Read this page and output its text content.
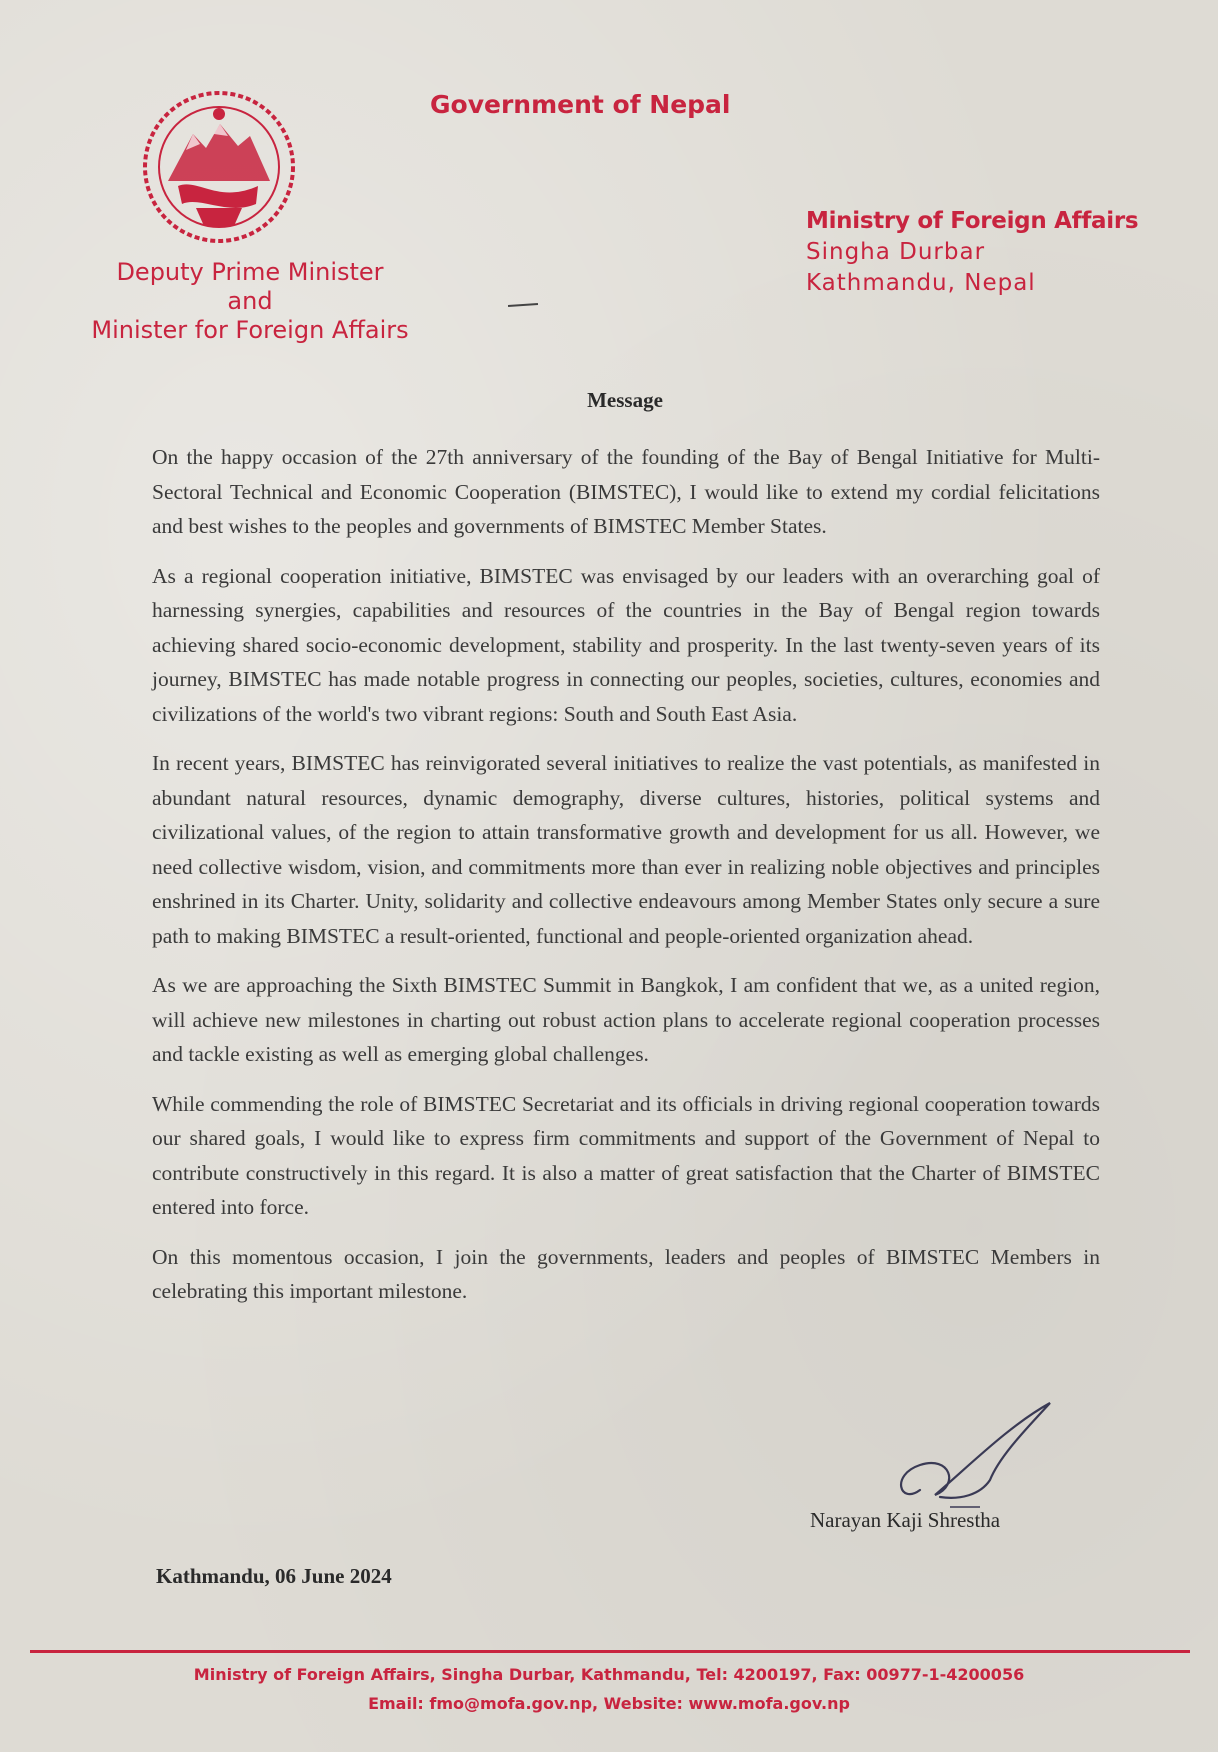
Government of Nepal
Deputy Prime Minister
and
Minister for Foreign Affairs
Ministry of Foreign Affairs
Singha Durbar
Kathmandu, Nepal
Message

On the happy occasion of the 27th anniversary of the founding of the Bay of Bengal Initiative for Multi-Sectoral Technical and Economic Cooperation (BIMSTEC), I would like to extend my cordial felicitations and best wishes to the peoples and governments of BIMSTEC Member States.

As a regional cooperation initiative, BIMSTEC was envisaged by our leaders with an overarching goal of harnessing synergies, capabilities and resources of the countries in the Bay of Bengal region towards achieving shared socio-economic development, stability and prosperity. In the last twenty-seven years of its journey, BIMSTEC has made notable progress in connecting our peoples, societies, cultures, economies and civilizations of the world's two vibrant regions: South and South East Asia.

In recent years, BIMSTEC has reinvigorated several initiatives to realize the vast potentials, as manifested in abundant natural resources, dynamic demography, diverse cultures, histories, political systems and civilizational values, of the region to attain transformative growth and development for us all. However, we need collective wisdom, vision, and commitments more than ever in realizing noble objectives and principles enshrined in its Charter. Unity, solidarity and collective endeavours among Member States only secure a sure path to making BIMSTEC a result-oriented, functional and people-oriented organization ahead.

As we are approaching the Sixth BIMSTEC Summit in Bangkok, I am confident that we, as a united region, will achieve new milestones in charting out robust action plans to accelerate regional cooperation processes and tackle existing as well as emerging global challenges.

While commending the role of BIMSTEC Secretariat and its officials in driving regional cooperation towards our shared goals, I would like to express firm commitments and support of the Government of Nepal to contribute constructively in this regard. It is also a matter of great satisfaction that the Charter of BIMSTEC entered into force.

On this momentous occasion, I join the governments, leaders and peoples of BIMSTEC Members in celebrating this important milestone.

Narayan Kaji Shrestha
Kathmandu, 06 June 2024
Ministry of Foreign Affairs, Singha Durbar, Kathmandu, Tel: 4200197, Fax: 00977-1-4200056
Email: fmo@mofa.gov.np, Website: www.mofa.gov.np
